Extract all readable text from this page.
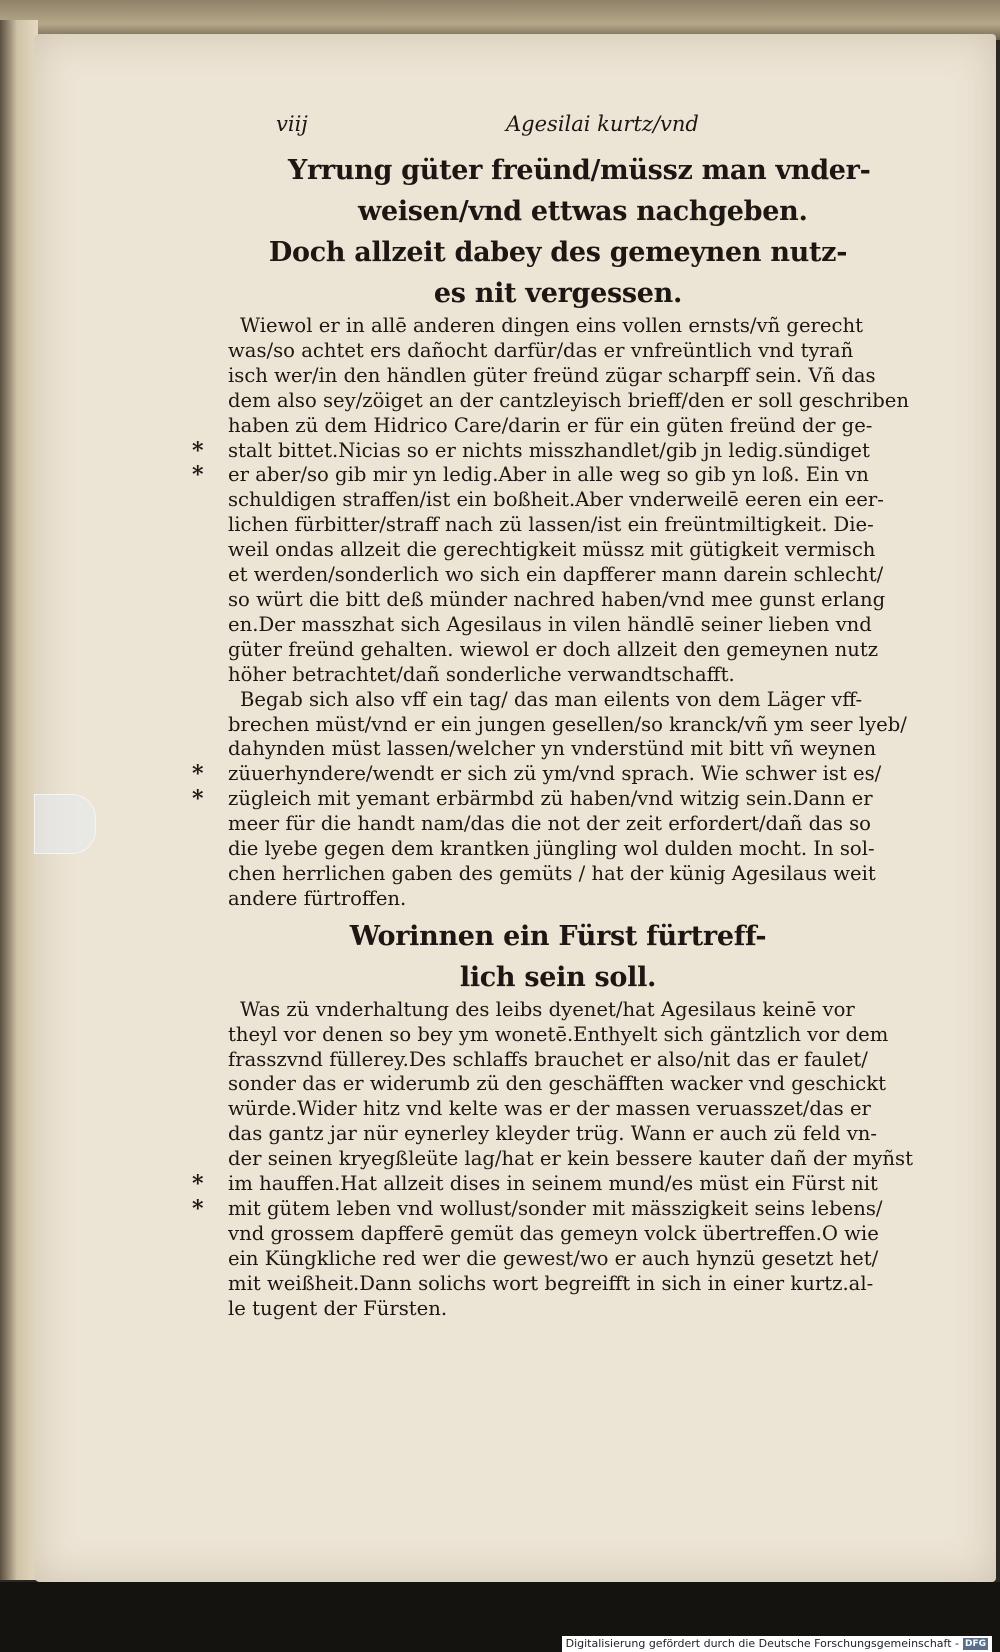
viij	Agesilai kurtz/vnd
Yrrung güter freünd/müssz man vnder-
weisen/vnd ettwas nachgeben.
Doch allzeit dabey des gemeynen nutz-
es nit vergessen.
Wiewol er in allē anderen dingen eins vollen ernsts/vñ gerecht
was/so achtet ers dañocht darfür/das er vnfreüntlich vnd tyrañ
isch wer/in den händlen güter freünd zügar scharpff sein. Vñ das
dem also sey/zöiget an der cantzleyisch brieff/den er soll geschriben
haben zü dem Hidrico Care/darin er für ein güten freünd der ge-
* stalt bittet.Nicias so er nichts misszhandlet/gib jn ledig.sündiget
* er aber/so gib mir yn ledig.Aber in alle weg so gib yn loß. Ein vn
schuldigen straffen/ist ein boßheit.Aber vnderweilē eeren ein eer-
lichen fürbitter/straff nach zü lassen/ist ein freüntmiltigkeit. Die-
weil ondas allzeit die gerechtigkeit müssz mit gütigkeit vermisch
et werden/sonderlich wo sich ein dapfferer mann darein schlecht/
so würt die bitt deß münder nachred haben/vnd mee gunst erlang
en.Der masszhat sich Agesilaus in vilen händlē seiner lieben vnd
güter freünd gehalten. wiewol er doch allzeit den gemeynen nutz
höher betrachtet/dañ sonderliche verwandtschafft.
Begab sich also vff ein tag/ das man eilents von dem Läger vff-
brechen müst/vnd er ein jungen gesellen/so kranck/vñ ym seer lyeb/
dahynden müst lassen/welcher yn vnderstünd mit bitt vñ weynen
* züuerhyndere/wendt er sich zü ym/vnd sprach. Wie schwer ist es/
* zügleich mit yemant erbärmbd zü haben/vnd witzig sein.Dann er
meer für die handt nam/das die not der zeit erfordert/dañ das so
die lyebe gegen dem krantken jüngling wol dulden mocht. In sol-
chen herrlichen gaben des gemüts / hat der künig Agesilaus weit
andere fürtroffen.
Worinnen ein Fürst fürtreff-
lich sein soll.
Was zü vnderhaltung des leibs dyenet/hat Agesilaus keinē vor
theyl vor denen so bey ym wonetē.Enthyelt sich gäntzlich vor dem
frasszvnd füllerey.Des schlaffs brauchet er also/nit das er faulet/
sonder das er widerumb zü den geschäfften wacker vnd geschickt
würde.Wider hitz vnd kelte was er der massen veruasszet/das er
das gantz jar nür eynerley kleyder trüg. Wann er auch zü feld vn-
der seinen kryegßleüte lag/hat er kein bessere kauter dañ der myñst
* im hauffen.Hat allzeit dises in seinem mund/es müst ein Fürst nit
* mit gütem leben vnd wollust/sonder mit mässzigkeit seins lebens/
vnd grossem dapfferē gemüt das gemeyn volck übertreffen.O wie
ein Küngkliche red wer die gewest/wo er auch hynzü gesetzt het/
mit weißheit.Dann solichs wort begreifft in sich in einer kurtz.al-
le tugent der Fürsten.
Digitalisierung gefördert durch die Deutsche Forschungsgemeinschaft - DFG
